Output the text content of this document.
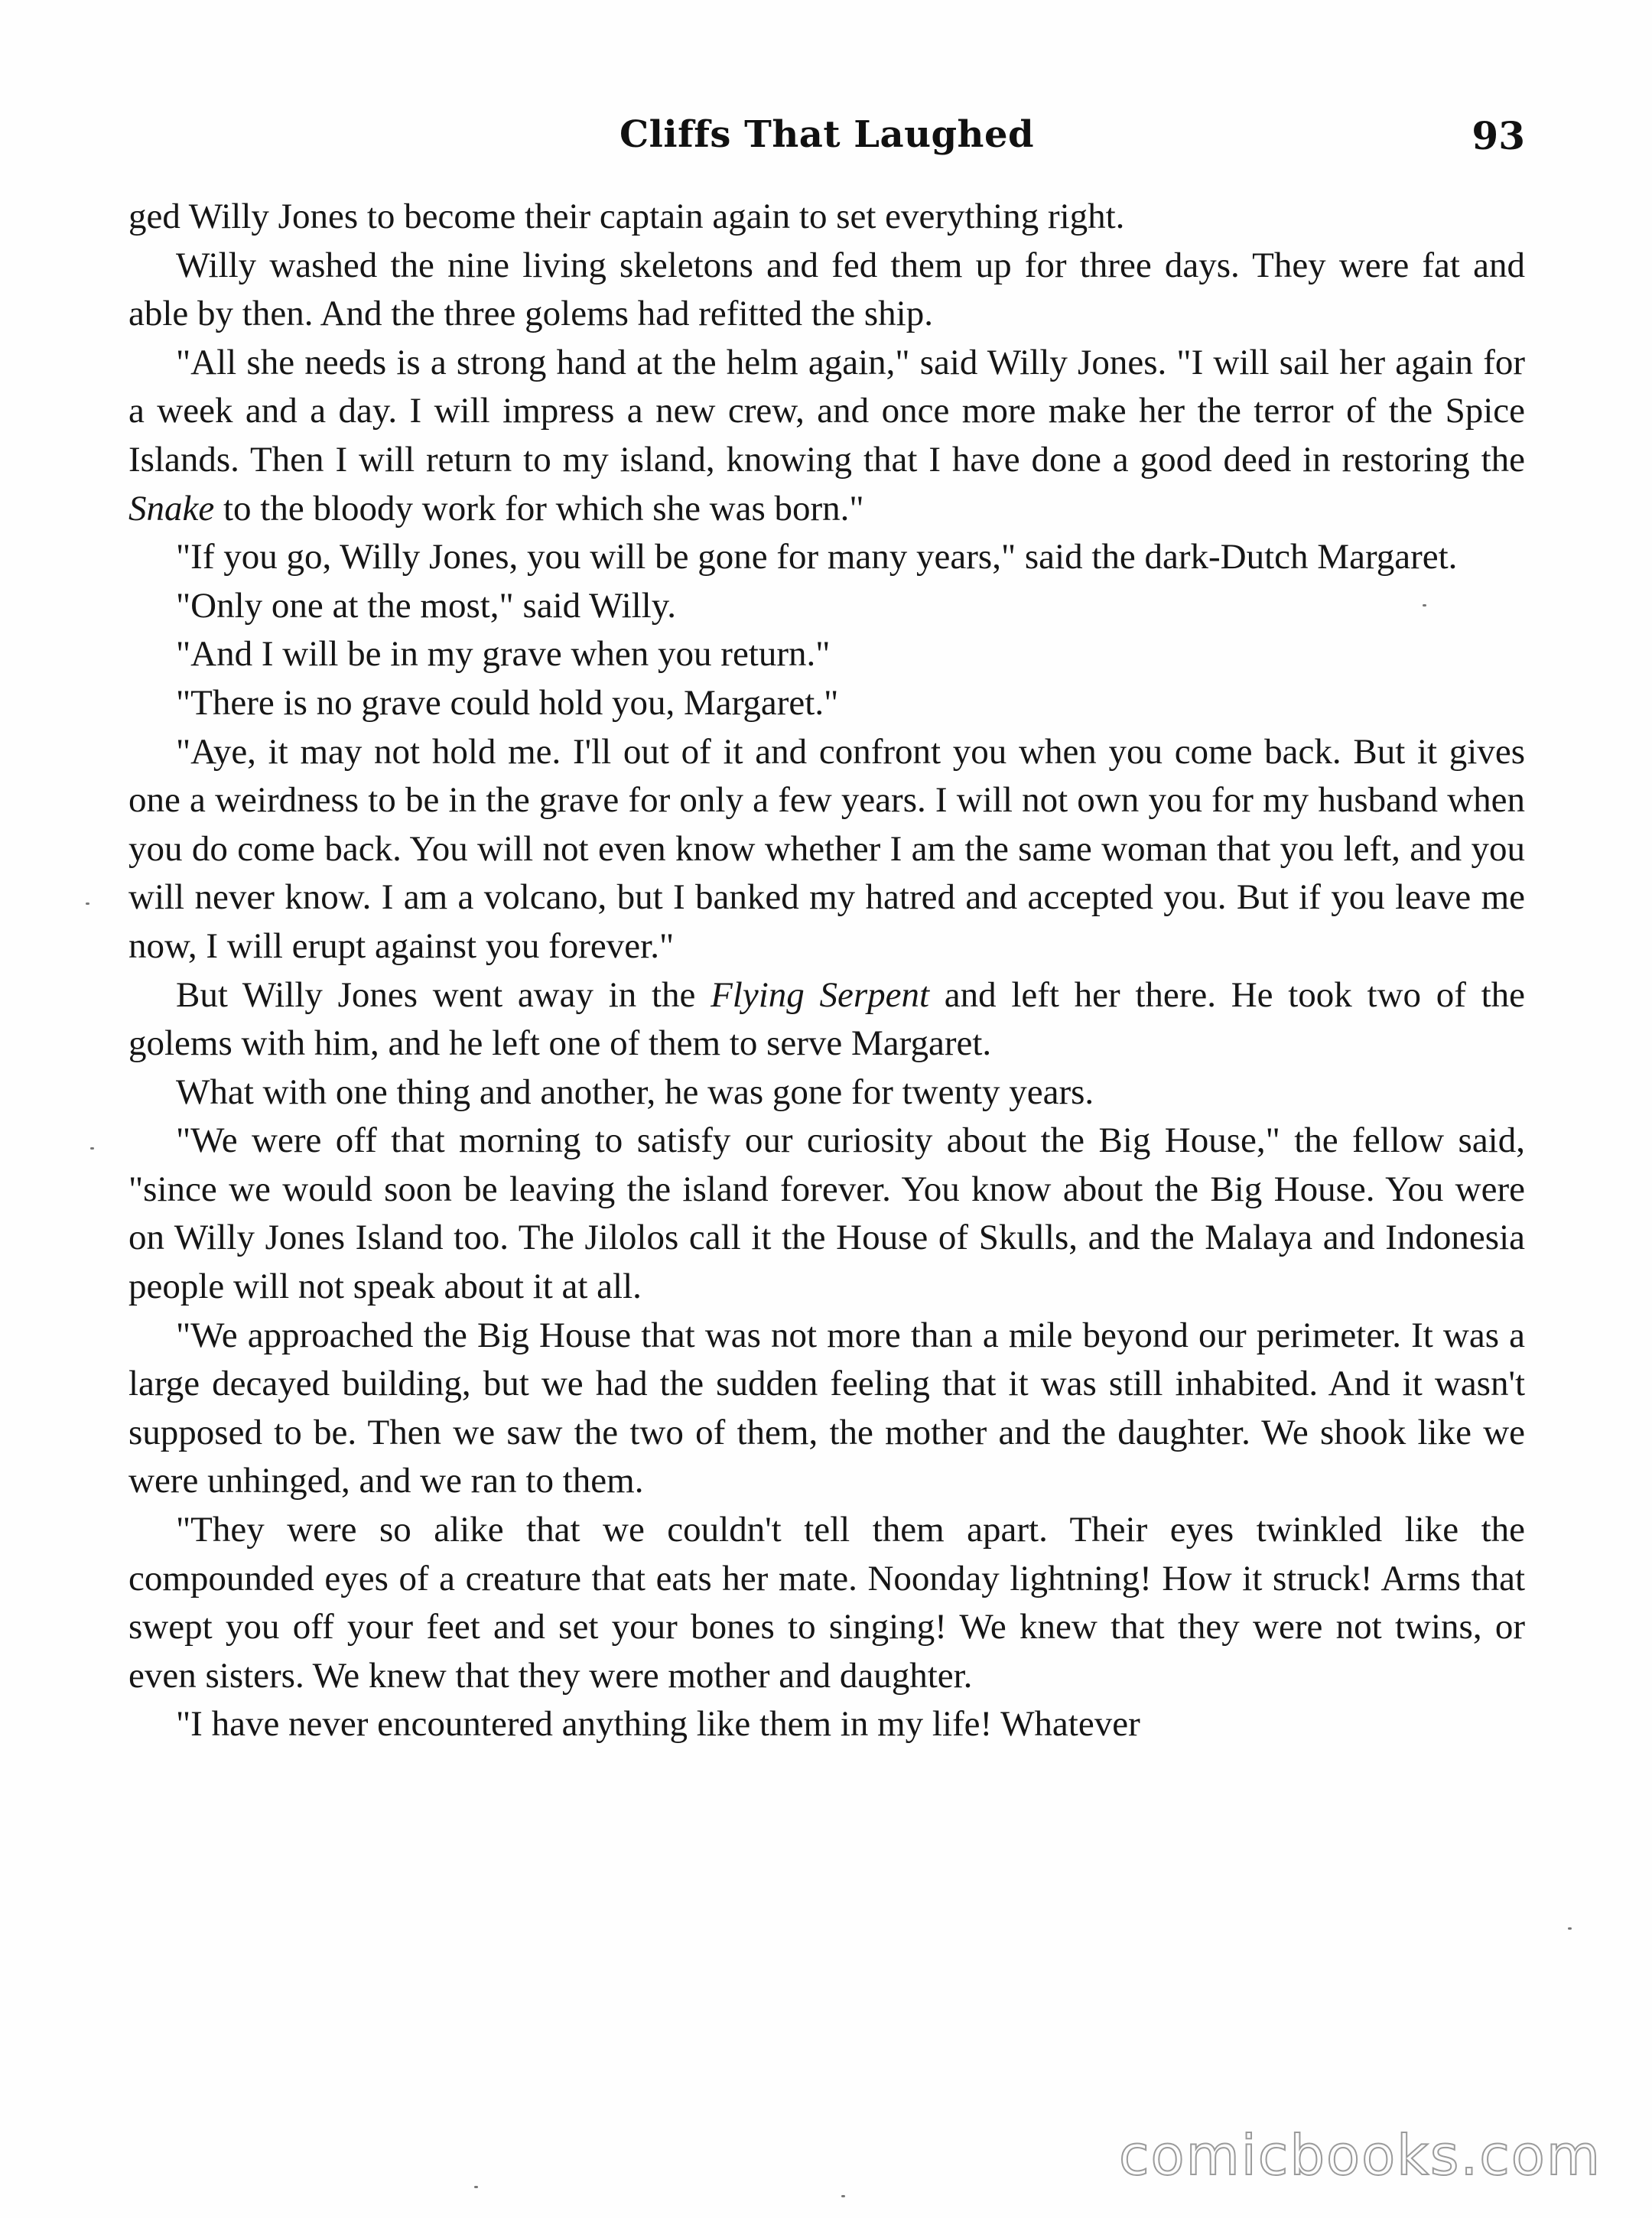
Cliffs That Laughed	93

ged Willy Jones to become their captain again to set everything right.

Willy washed the nine living skeletons and fed them up for three days. They were fat and able by then. And the three golems had refitted the ship.

"All she needs is a strong hand at the helm again," said Willy Jones. "I will sail her again for a week and a day. I will impress a new crew, and once more make her the terror of the Spice Islands. Then I will return to my island, knowing that I have done a good deed in restoring the Snake to the bloody work for which she was born."

"If you go, Willy Jones, you will be gone for many years," said the dark-Dutch Margaret.

"Only one at the most," said Willy.

"And I will be in my grave when you return."

"There is no grave could hold you, Margaret."

"Aye, it may not hold me. I'll out of it and confront you when you come back. But it gives one a weirdness to be in the grave for only a few years. I will not own you for my husband when you do come back. You will not even know whether I am the same woman that you left, and you will never know. I am a volcano, but I banked my hatred and accepted you. But if you leave me now, I will erupt against you forever."

But Willy Jones went away in the Flying Serpent and left her there. He took two of the golems with him, and he left one of them to serve Margaret.

What with one thing and another, he was gone for twenty years.

"We were off that morning to satisfy our curiosity about the Big House," the fellow said, "since we would soon be leaving the island forever. You know about the Big House. You were on Willy Jones Island too. The Jilolos call it the House of Skulls, and the Malaya and Indonesia people will not speak about it at all.

"We approached the Big House that was not more than a mile beyond our perimeter. It was a large decayed building, but we had the sudden feeling that it was still inhabited. And it wasn't supposed to be. Then we saw the two of them, the mother and the daughter. We shook like we were unhinged, and we ran to them.

"They were so alike that we couldn't tell them apart. Their eyes twinkled like the compounded eyes of a creature that eats her mate. Noonday lightning! How it struck! Arms that swept you off your feet and set your bones to singing! We knew that they were not twins, or even sisters. We knew that they were mother and daughter.

"I have never encountered anything like them in my life! Whatever

comicbooks.com
